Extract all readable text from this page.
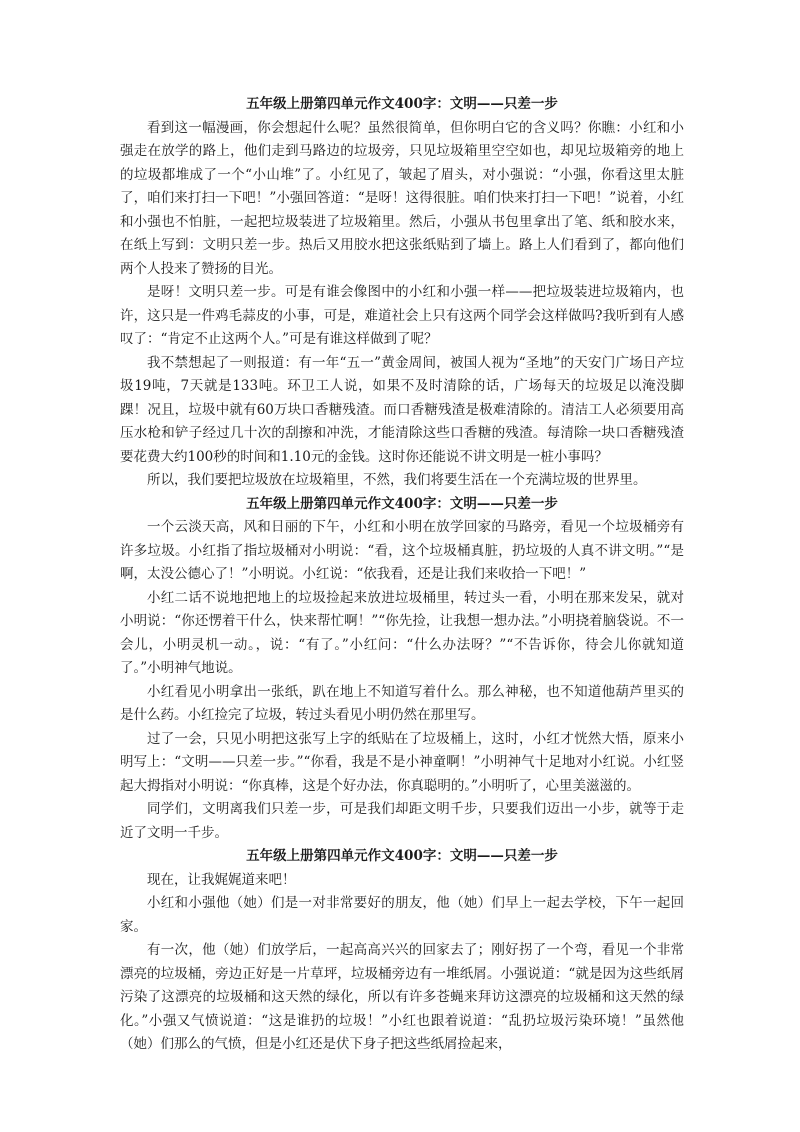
五年级上册第四单元作文400字：文明——只差一步

看到这一幅漫画，你会想起什么呢？虽然很简单，但你明白它的含义吗？你瞧：小红和小强走在放学的路上，他们走到马路边的垃圾旁，只见垃圾箱里空空如也，却见垃圾箱旁的地上的垃圾都堆成了一个“小山堆”了。小红见了，皱起了眉头，对小强说：“小强，你看这里太脏了，咱们来打扫一下吧！”小强回答道：“是呀！这得很脏。咱们快来打扫一下吧！”说着，小红和小强也不怕脏，一起把垃圾装进了垃圾箱里。然后，小强从书包里拿出了笔、纸和胶水来，在纸上写到：文明只差一步。热后又用胶水把这张纸贴到了墙上。路上人们看到了，都向他们两个人投来了赞扬的目光。

是呀！文明只差一步。可是有谁会像图中的小红和小强一样——把垃圾装进垃圾箱内，也许，这只是一件鸡毛蒜皮的小事，可是，难道社会上只有这两个同学会这样做吗?我听到有人感叹了：“肯定不止这两个人。”可是有谁这样做到了呢？

我不禁想起了一则报道：有一年“五一”黄金周间，被国人视为“圣地”的天安门广场日产垃圾19吨，7天就是133吨。环卫工人说，如果不及时清除的话，广场每天的垃圾足以淹没脚踝！况且，垃圾中就有60万块口香糖残渣。而口香糖残渣是极难清除的。清洁工人必须要用高压水枪和铲子经过几十次的刮擦和冲洗，才能清除这些口香糖的残渣。每清除一块口香糖残渣要花费大约100秒的时间和1.10元的金钱。这时你还能说不讲文明是一桩小事吗？

所以，我们要把垃圾放在垃圾箱里，不然，我们将要生活在一个充满垃圾的世界里。

五年级上册第四单元作文400字：文明——只差一步

一个云淡天高，风和日丽的下午，小红和小明在放学回家的马路旁，看见一个垃圾桶旁有许多垃圾。小红指了指垃圾桶对小明说：“看，这个垃圾桶真脏，扔垃圾的人真不讲文明。”“是啊，太没公德心了！”小明说。小红说：“依我看，还是让我们来收拾一下吧！”

小红二话不说地把地上的垃圾捡起来放进垃圾桶里，转过头一看，小明在那来发呆，就对小明说：“你还愣着干什么，快来帮忙啊！”“你先捡，让我想一想办法。”小明挠着脑袋说。不一会儿，小明灵机一动。，说：“有了。”小红问：“什么办法呀？”“不告诉你，待会儿你就知道了。”小明神气地说。

小红看见小明拿出一张纸，趴在地上不知道写着什么。那么神秘，也不知道他葫芦里买的是什么药。小红捡完了垃圾，转过头看见小明仍然在那里写。

过了一会，只见小明把这张写上字的纸贴在了垃圾桶上，这时，小红才恍然大悟，原来小明写上：“文明——只差一步。”“你看，我是不是小神童啊！”小明神气十足地对小红说。小红竖起大拇指对小明说：“你真棒，这是个好办法，你真聪明的。”小明听了，心里美滋滋的。

同学们，文明离我们只差一步，可是我们却距文明千步，只要我们迈出一小步，就等于走近了文明一千步。

五年级上册第四单元作文400字：文明——只差一步

现在，让我娓娓道来吧！

小红和小强他（她）们是一对非常要好的朋友，他（她）们早上一起去学校，下午一起回家。

有一次，他（她）们放学后，一起高高兴兴的回家去了；刚好拐了一个弯，看见一个非常漂亮的垃圾桶，旁边正好是一片草坪，垃圾桶旁边有一堆纸屑。小强说道：“就是因为这些纸屑污染了这漂亮的垃圾桶和这天然的绿化，所以有许多苍蝇来拜访这漂亮的垃圾桶和这天然的绿化。”小强又气愤说道：“这是谁扔的垃圾！”小红也跟着说道：“乱扔垃圾污染环境！”虽然他（她）们那么的气愤，但是小红还是伏下身子把这些纸屑捡起来，
